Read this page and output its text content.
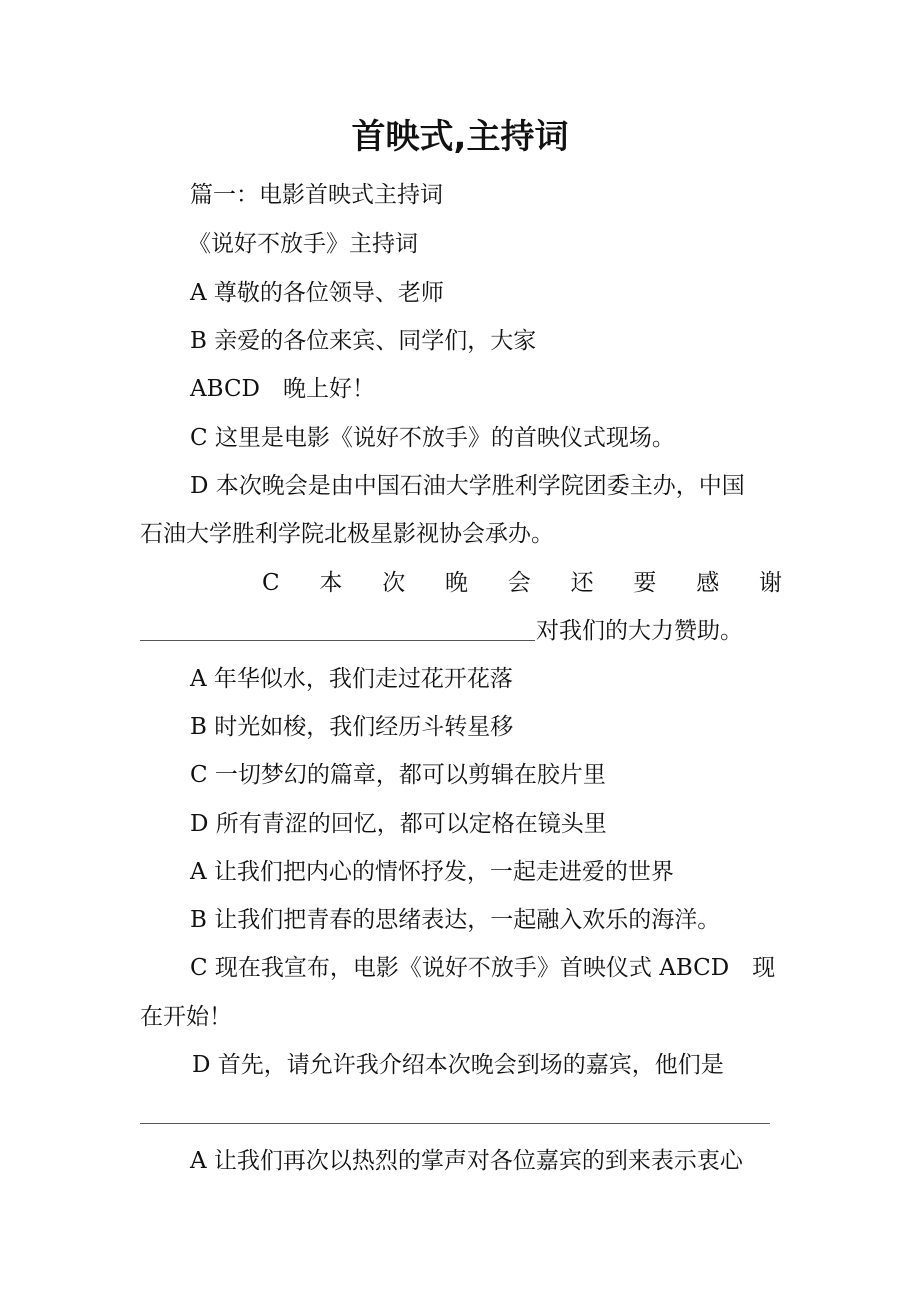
首映式,主持词
篇一：电影首映式主持词
《说好不放手》主持词
A 尊敬的各位领导、老师
B 亲爱的各位来宾、同学们，大家
ABCD　晚上好！
C 这里是电影《说好不放手》的首映仪式现场。
D 本次晚会是由中国石油大学胜利学院团委主办，中国
石油大学胜利学院北极星影视协会承办。
C 本 次 晚 会 还 要 感 谢
对我们的大力赞助。
A 年华似水，我们走过花开花落
B 时光如梭，我们经历斗转星移
C 一切梦幻的篇章，都可以剪辑在胶片里
D 所有青涩的回忆，都可以定格在镜头里
A 让我们把内心的情怀抒发，一起走进爱的世界
B 让我们把青春的思绪表达，一起融入欢乐的海洋。
C 现在我宣布，电影《说好不放手》首映仪式 ABCD　现
在开始！
D 首先，请允许我介绍本次晚会到场的嘉宾，他们是
A 让我们再次以热烈的掌声对各位嘉宾的到来表示衷心
